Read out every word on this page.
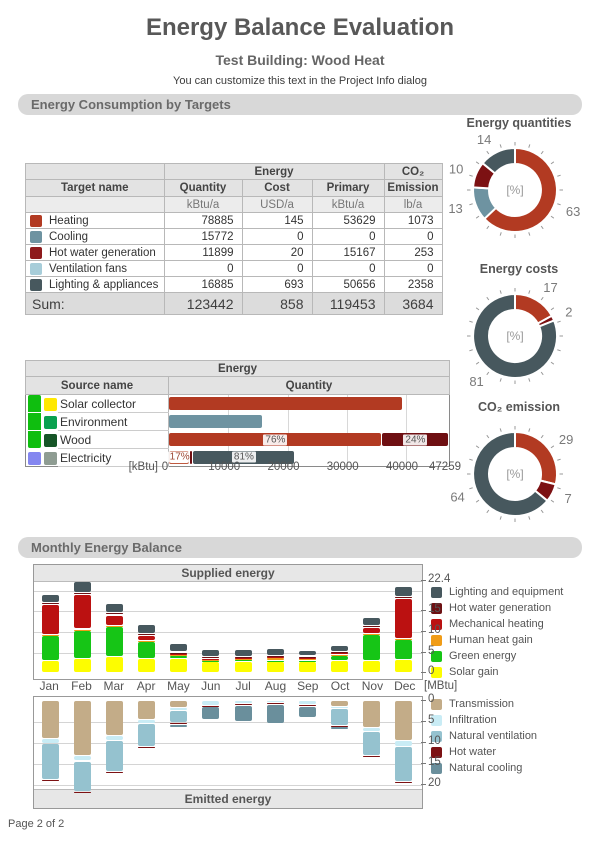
Energy Balance Evaluation
Test Building: Wood Heat
You can customize this text in the Project Info dialog
Energy Consumption by Targets
		Energy			CO₂
Target name		Quantity	Cost	Primary	Emission
		kBtu/a	USD/a	kBtu/a	lb/a

	Heating	78885	145	53629	1073

	Cooling	15772	0	0	0

	Hot water generation	11899	20	15167	253

	Ventilation fans	0	0	0	0

	Lighting & appliances	16885	693	50656	2358
Sum:		123442	858	119453	3684
Energy quantities
63
13
10
14
[%]
Energy costs
17
2
81
[%]
CO₂ emission
29
7
64
[%]
Energy			
Source name			Quantity

	Solar collector	

	Environment	

	Wood	76% 24%

	Electricity	17% 81%
[kBtu] 0	10000 20000 30000 40000 47259
Monthly Energy Balance
Supplied energy
Jan	Feb Mar	Apr May Jun	Jul	Aug Sep	Oct	Nov Dec [MBtu]
Emitted energy
Lighting and equipment
Hot water generation
Mechanical heating
Human heat gain
Green energy
Solar gain
Transmission
Infiltration
Natural ventilation
Hot water
Natural cooling
Page 2 of 2
22.4
15
10
5
0
0
5
10
15
20
